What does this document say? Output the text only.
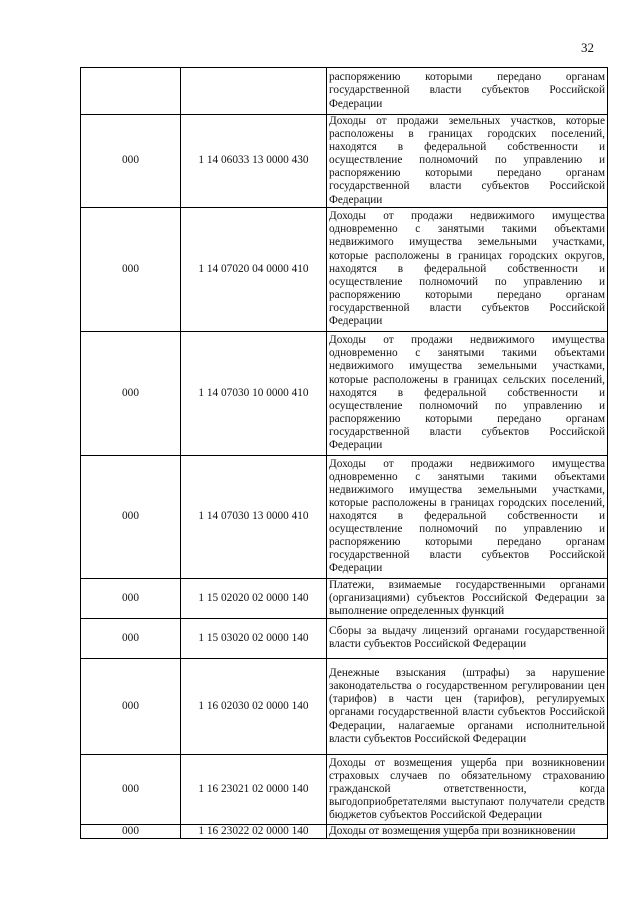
32
		распоряжению которыми передано органам государственной власти субъектов Российской Федерации
000	1 14 06033 13 0000 430	Доходы от продажи земельных участков, которые расположены в границах городских поселений, находятся в федеральной собственности и осуществление полномочий по управлению и распоряжению которыми передано органам государственной власти субъектов Российской Федерации
000	1 14 07020 04 0000 410	Доходы от продажи недвижимого имущества одновременно с занятыми такими объектами недвижимого имущества земельными участками, которые расположены в границах городских округов, находятся в федеральной собственности и осуществление полномочий по управлению и распоряжению которыми передано органам государственной власти субъектов Российской Федерации
000	1 14 07030 10 0000 410	Доходы от продажи недвижимого имущества одновременно с занятыми такими объектами недвижимого имущества земельными участками, которые расположены в границах сельских поселений, находятся в федеральной собственности и осуществление полномочий по управлению и распоряжению которыми передано органам государственной власти субъектов Российской Федерации
000	1 14 07030 13 0000 410	Доходы от продажи недвижимого имущества одновременно с занятыми такими объектами недвижимого имущества земельными участками, которые расположены в границах городских поселений, находятся в федеральной собственности и осуществление полномочий по управлению и распоряжению которыми передано органам государственной власти субъектов Российской Федерации
000	1 15 02020 02 0000 140	Платежи, взимаемые государственными органами (организациями) субъектов Российской Федерации за выполнение определенных функций
000	1 15 03020 02 0000 140	Сборы за выдачу лицензий органами государственной власти субъектов Российской Федерации
000	1 16 02030 02 0000 140	Денежные взыскания (штрафы) за нарушение законодательства о государственном регулировании цен (тарифов) в части цен (тарифов), регулируемых органами государственной власти субъектов Российской Федерации, налагаемые органами исполнительной власти субъектов Российской Федерации
000	1 16 23021 02 0000 140	Доходы от возмещения ущерба при возникновении страховых случаев по обязательному страхованию гражданской ответственности, когда выгодоприобретателями выступают получатели средств бюджетов субъектов Российской Федерации
000	1 16 23022 02 0000 140	Доходы от возмещения ущерба при возникновении
